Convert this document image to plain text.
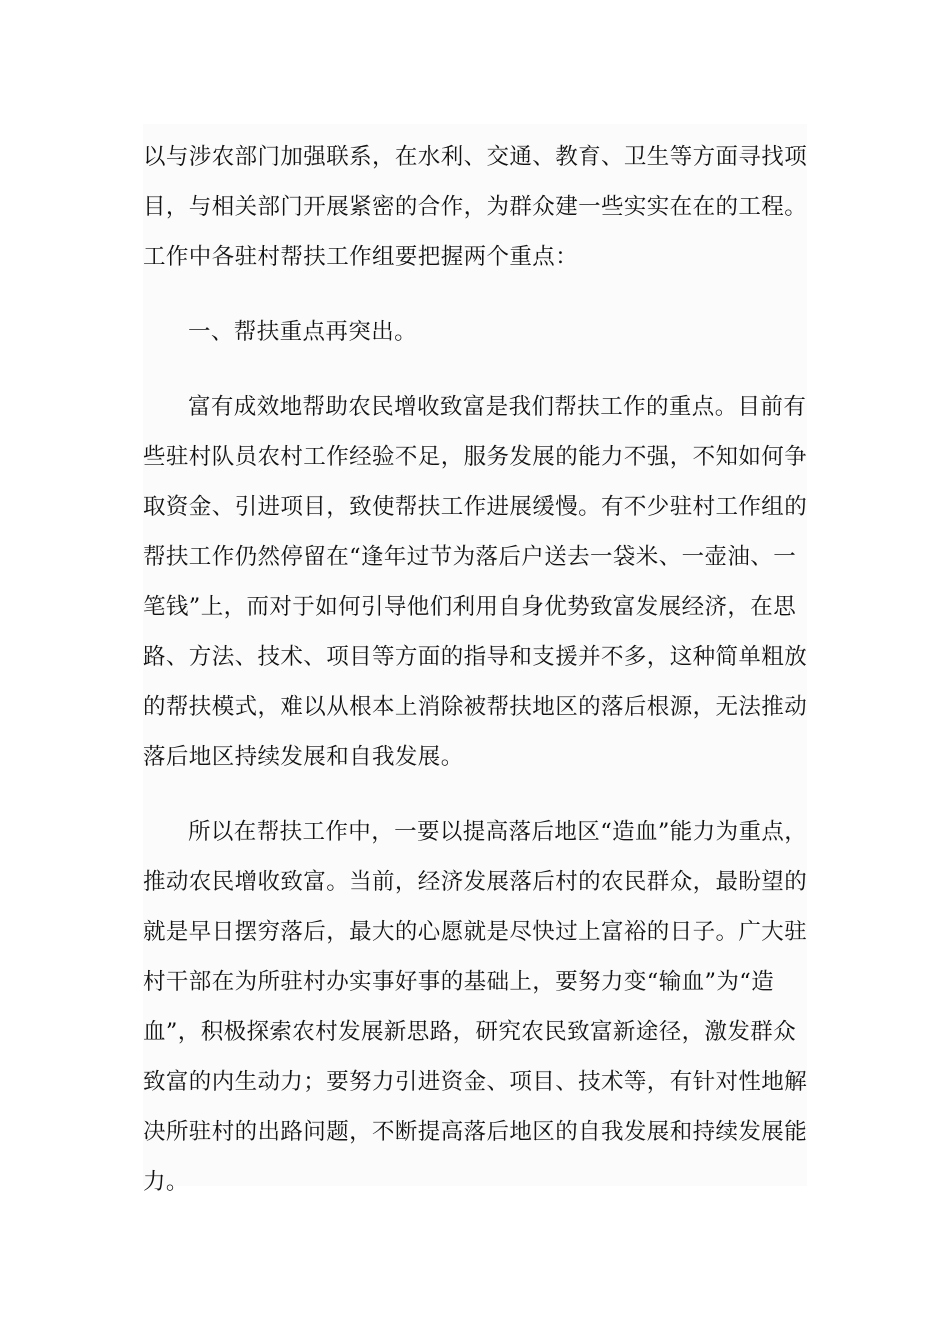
以与涉农部门加强联系，在水利、交通、教育、卫生等方面寻找项
目，与相关部门开展紧密的合作，为群众建一些实实在在的工程。
工作中各驻村帮扶工作组要把握两个重点：
一、帮扶重点再突出。
富有成效地帮助农民增收致富是我们帮扶工作的重点。目前有
些驻村队员农村工作经验不足，服务发展的能力不强，不知如何争
取资金、引进项目，致使帮扶工作进展缓慢。有不少驻村工作组的
帮扶工作仍然停留在“逢年过节为落后户送去一袋米、一壶油、一
笔钱”上，而对于如何引导他们利用自身优势致富发展经济，在思
路、方法、技术、项目等方面的指导和支援并不多，这种简单粗放
的帮扶模式，难以从根本上消除被帮扶地区的落后根源，无法推动
落后地区持续发展和自我发展。
所以在帮扶工作中，一要以提高落后地区“造血”能力为重点，
推动农民增收致富。当前，经济发展落后村的农民群众，最盼望的
就是早日摆穷落后，最大的心愿就是尽快过上富裕的日子。广大驻
村干部在为所驻村办实事好事的基础上，要努力变“输血”为“造
血”，积极探索农村发展新思路，研究农民致富新途径，激发群众
致富的内生动力；要努力引进资金、项目、技术等，有针对性地解
决所驻村的出路问题，不断提高落后地区的自我发展和持续发展能
力。
